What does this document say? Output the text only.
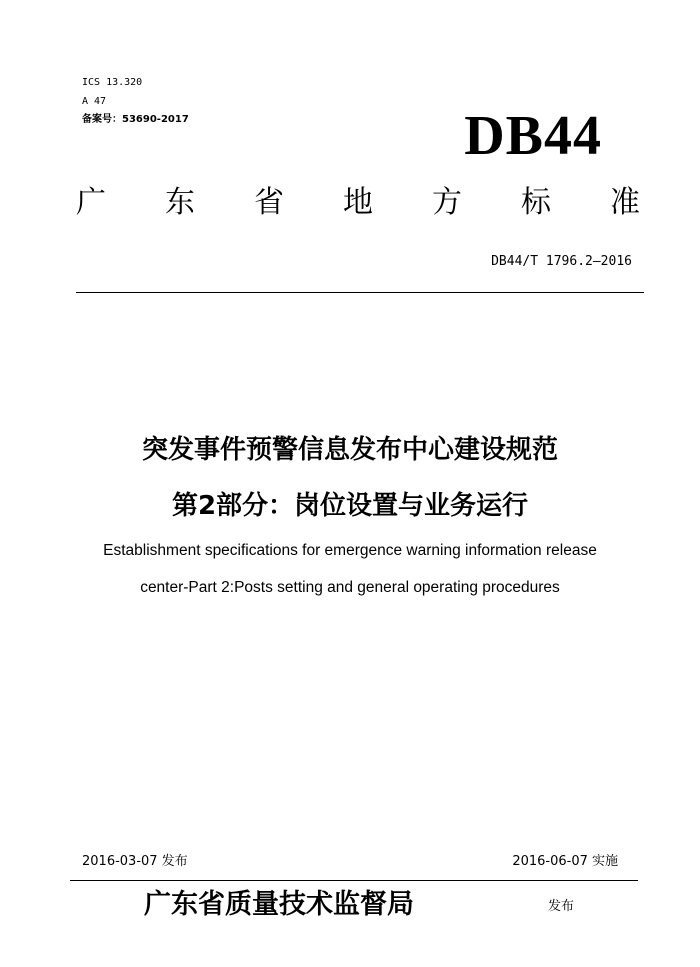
ICS 13.320
A 47
备案号：53690-2017	DB44
广 东 省 地 方 标 准
DB44/T 1796.2—2016
突发事件预警信息发布中心建设规范
第2部分：岗位设置与业务运行
Establishment specifications for emergence warning information release
center-Part 2:Posts setting and general operating procedures
2016-03-07 发布	2016-06-07 实施
广东省质量技术监督局	发布
